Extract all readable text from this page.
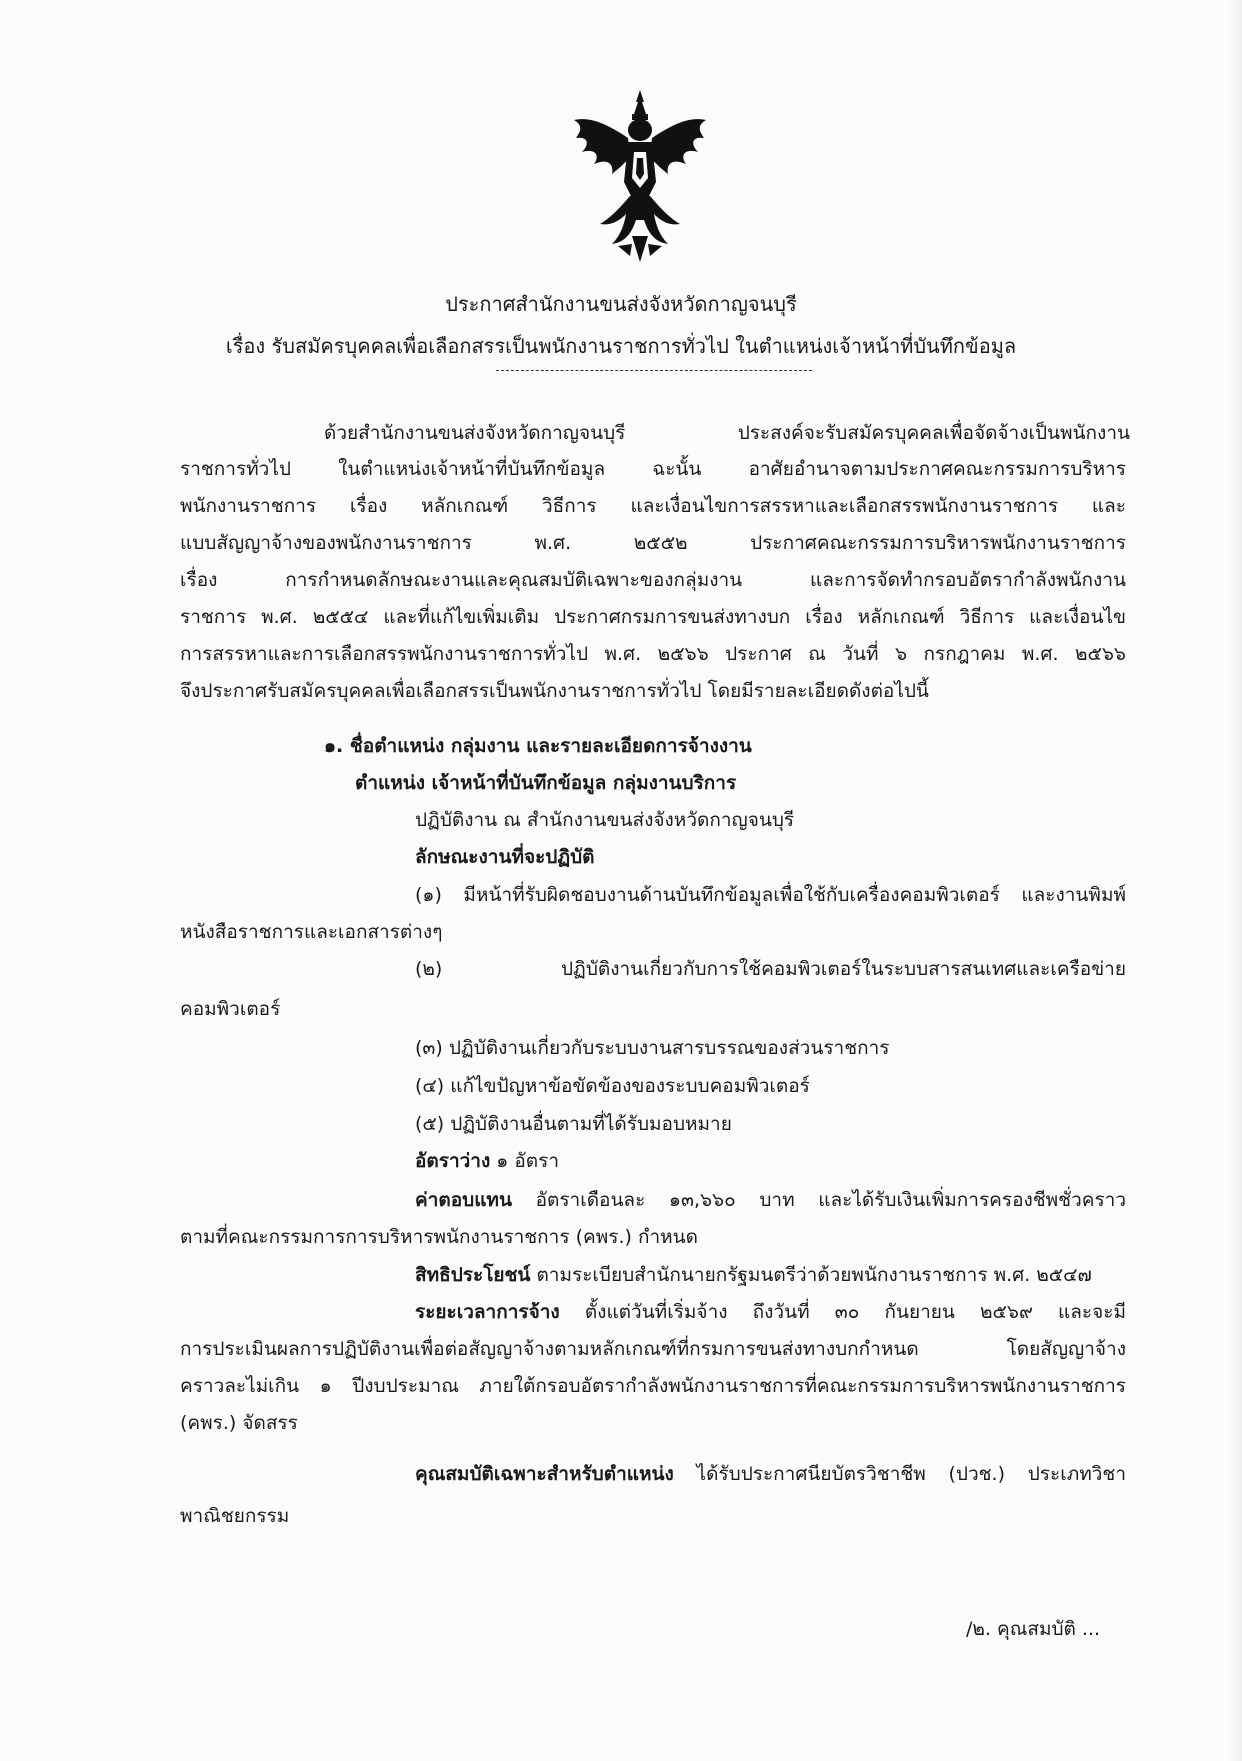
ประกาศสำนักงานขนส่งจังหวัดกาญจนบุรี
เรื่อง รับสมัครบุคคลเพื่อเลือกสรรเป็นพนักงานราชการทั่วไป ในตำแหน่งเจ้าหน้าที่บันทึกข้อมูล
ด้วยสำนักงานขนส่งจังหวัดกาญจนบุรี ประสงค์จะรับสมัครบุคคลเพื่อจัดจ้างเป็นพนักงาน
ราชการทั่วไป ในตำแหน่งเจ้าหน้าที่บันทึกข้อมูล ฉะนั้น อาศัยอำนาจตามประกาศคณะกรรมการบริหาร
พนักงานราชการ เรื่อง หลักเกณฑ์ วิธีการ และเงื่อนไขการสรรหาและเลือกสรรพนักงานราชการ และ
แบบสัญญาจ้างของพนักงานราชการ พ.ศ. ๒๕๕๒ ประกาศคณะกรรมการบริหารพนักงานราชการ
เรื่อง การกำหนดลักษณะงานและคุณสมบัติเฉพาะของกลุ่มงาน และการจัดทำกรอบอัตรากำลังพนักงาน
ราชการ พ.ศ. ๒๕๕๔ และที่แก้ไขเพิ่มเติม ประกาศกรมการขนส่งทางบก เรื่อง หลักเกณฑ์ วิธีการ และเงื่อนไข
การสรรหาและการเลือกสรรพนักงานราชการทั่วไป พ.ศ. ๒๕๖๖ ประกาศ ณ วันที่ ๖ กรกฎาคม พ.ศ. ๒๕๖๖
จึงประกาศรับสมัครบุคคลเพื่อเลือกสรรเป็นพนักงานราชการทั่วไป โดยมีรายละเอียดดังต่อไปนี้
๑. ชื่อตำแหน่ง กลุ่มงาน และรายละเอียดการจ้างงาน
ตำแหน่ง เจ้าหน้าที่บันทึกข้อมูล กลุ่มงานบริการ
ปฏิบัติงาน ณ สำนักงานขนส่งจังหวัดกาญจนบุรี
ลักษณะงานที่จะปฏิบัติ
(๑) มีหน้าที่รับผิดชอบงานด้านบันทึกข้อมูลเพื่อใช้กับเครื่องคอมพิวเตอร์ และงานพิมพ์
หนังสือราชการและเอกสารต่างๆ
(๒) ปฏิบัติงานเกี่ยวกับการใช้คอมพิวเตอร์ในระบบสารสนเทศและเครือข่าย
คอมพิวเตอร์
(๓) ปฏิบัติงานเกี่ยวกับระบบงานสารบรรณของส่วนราชการ
(๔) แก้ไขปัญหาข้อขัดข้องของระบบคอมพิวเตอร์
(๕) ปฏิบัติงานอื่นตามที่ได้รับมอบหมาย
อัตราว่าง ๑ อัตรา
ค่าตอบแทน อัตราเดือนละ ๑๓,๖๖๐ บาท และได้รับเงินเพิ่มการครองชีพชั่วคราว
ตามที่คณะกรรมการการบริหารพนักงานราชการ (คพร.) กำหนด
สิทธิประโยชน์ ตามระเบียบสำนักนายกรัฐมนตรีว่าด้วยพนักงานราชการ พ.ศ. ๒๕๔๗
ระยะเวลาการจ้าง ตั้งแต่วันที่เริ่มจ้าง ถึงวันที่ ๓๐ กันยายน ๒๕๖๙ และจะมี
การประเมินผลการปฏิบัติงานเพื่อต่อสัญญาจ้างตามหลักเกณฑ์ที่กรมการขนส่งทางบกกำหนด โดยสัญญาจ้าง
คราวละไม่เกิน ๑ ปีงบประมาณ ภายใต้กรอบอัตรากำลังพนักงานราชการที่คณะกรรมการบริหารพนักงานราชการ
(คพร.) จัดสรร
คุณสมบัติเฉพาะสำหรับตำแหน่ง ได้รับประกาศนียบัตรวิชาชีพ (ปวช.) ประเภทวิชา
พาณิชยกรรม
/๒. คุณสมบัติ ...
